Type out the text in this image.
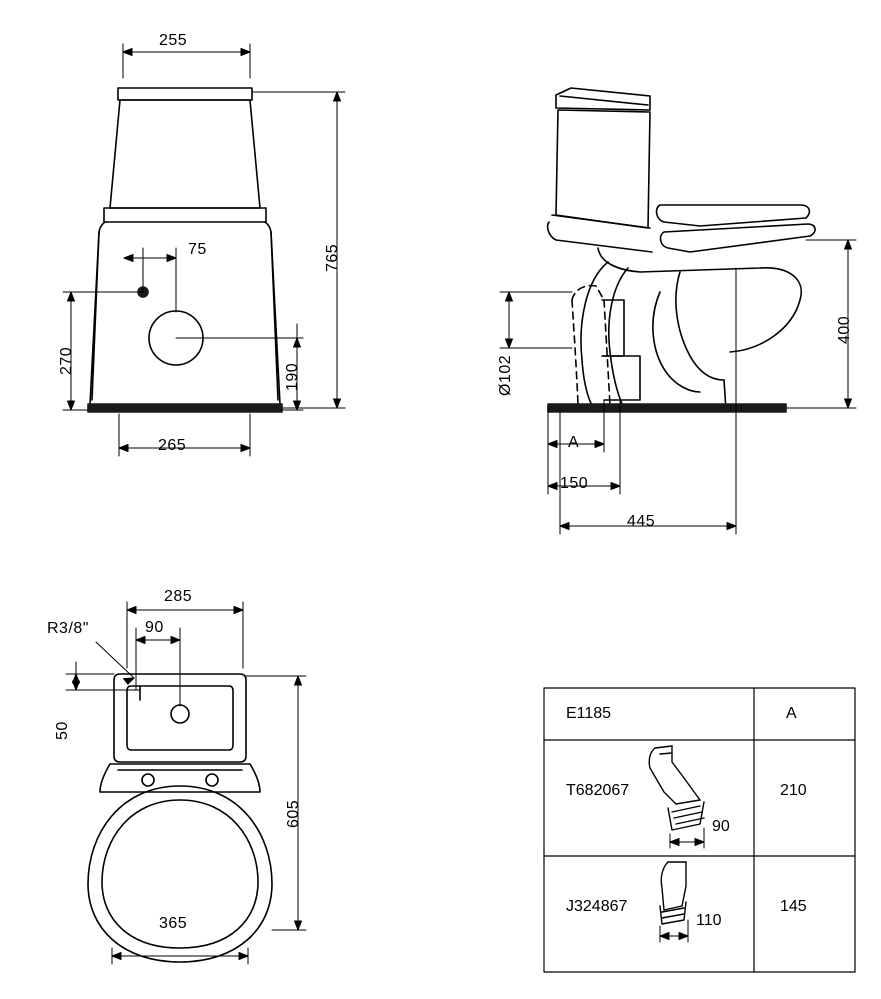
255
765
75
270
190
265
400
Ø102
A
150
445
285
90
R3/8"
50
605
365
E1185	A
T682067
90
210
J324867
110
145
